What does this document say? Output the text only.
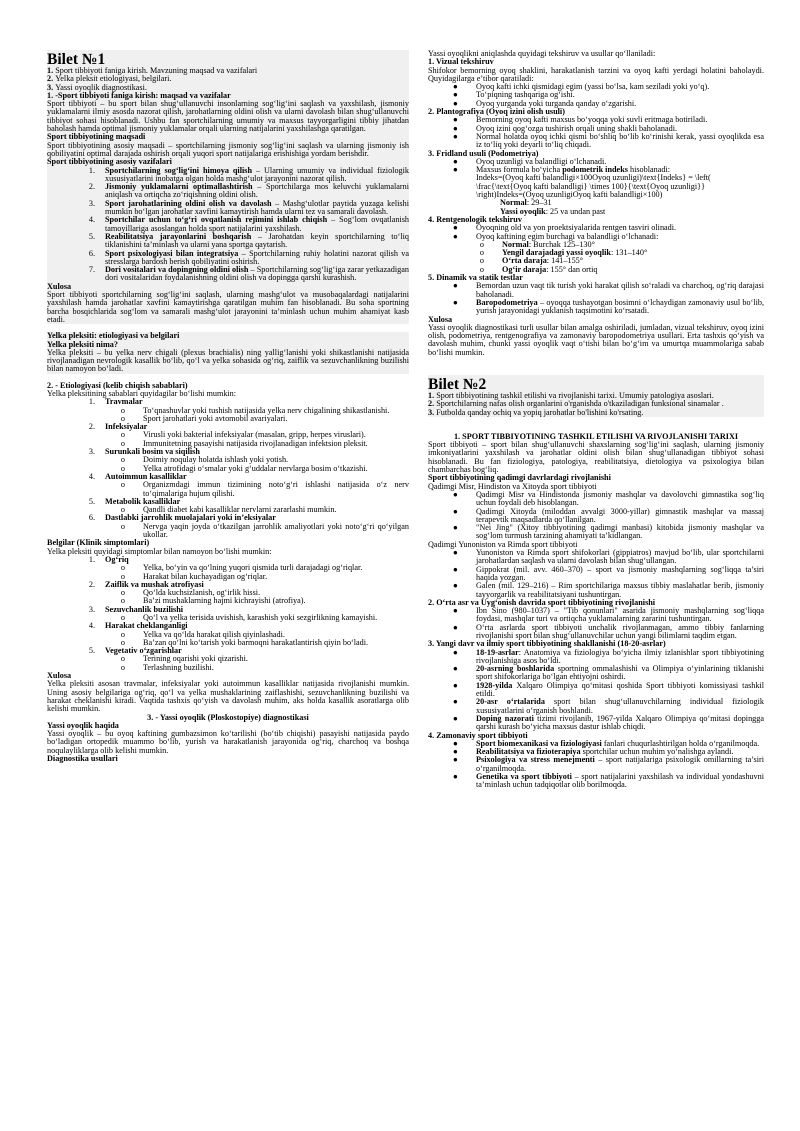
Bilet №1

1. Sport tibbiyoti faniga kirish. Mavzuning maqsad va vazifalari

2. Yelka pleksit etiologiyasi, belgilari.

3. Yassi oyoqlik diagnostikasi.

1. -Sport tibbiyoti faniga kirish: maqsad va vazifalar

Sport tibbiyoti – bu sport bilan shug‘ullanuvchi insonlarning sog‘lig‘ini saqlash va yaxshilash, jismoniy yuklamalarni ilmiy asosda nazorat qilish, jarohatlarning oldini olish va ularni davolash bilan shug‘ullanuvchi tibbiyot sohasi hisoblanadi. Ushbu fan sportchilarning umumiy va maxsus tayyorgarligini tibbiy jihatdan baholash hamda optimal jismoniy yuklamalar orqali ularning natijalarini yaxshilashga qaratilgan.

Sport tibbiyotining maqsadi

Sport tibbiyotining asosiy maqsadi – sportchilarning jismoniy sog‘lig‘ini saqlash va ularning jismoniy ish qobiliyatini optimal darajada oshirish orqali yuqori sport natijalariga erishishiga yordam berishdir.

Sport tibbiyotining asosiy vazifalari

1.	Sportchilarning sog‘lig‘ini himoya qilish – Ularning umumiy va individual fiziologik xususiyatlarini inobatga olgan holda mashg‘ulot jarayonini nazorat qilish.
2.	Jismoniy yuklamalarni optimallashtirish – Sportchilarga mos keluvchi yuklamalarni aniqlash va ortiqcha zo‘riqishning oldini olish.
3.	Sport jarohatlarining oldini olish va davolash – Mashg‘ulotlar paytida yuzaga kelishi mumkin bo‘lgan jarohatlar xavfini kamaytirish hamda ularni tez va samarali davolash.
4.	Sportchilar uchun to‘g‘ri ovqatlanish rejimini ishlab chiqish – Sog‘lom ovqatlanish tamoyillariga asoslangan holda sport natijalarini yaxshilash.
5.	Reabilitatsiya jarayonlarini boshqarish – Jarohatdan keyin sportchilarning to‘liq tiklanishini ta’minlash va ularni yana sportga qaytarish.
6.	Sport psixologiyasi bilan integratsiya – Sportchilarning ruhiy holatini nazorat qilish va stresslarga bardosh berish qobiliyatini oshirish.
7.	Dori vositalari va dopingning oldini olish – Sportchilarning sog‘lig‘iga zarar yetkazadigan dori vositalaridan foydalanishning oldini olish va dopingga qarshi kurashish.

Xulosa

Sport tibbiyoti sportchilarning sog‘lig‘ini saqlash, ularning mashg‘ulot va musobaqalardagi natijalarini yaxshilash hamda jarohatlar xavfini kamaytirishga qaratilgan muhim fan hisoblanadi. Bu soha sportning barcha bosqichlarida sog‘lom va samarali mashg‘ulot jarayonini ta’minlash uchun muhim ahamiyat kasb etadi.

Yelka pleksiti: etiologiyasi va belgilari

Yelka pleksiti nima?

Yelka pleksiti – bu yelka nerv chigali (plexus brachialis) ning yallig‘lanishi yoki shikastlanishi natijasida rivojlanadigan nevrologik kasallik bo‘lib, qo‘l va yelka sohasida og‘riq, zaiflik va sezuvchanlikning buzilishi bilan namoyon bo‘ladi.

2. - Etiologiyasi (kelib chiqish sabablari)

Yelka pleksitining sabablari quyidagilar bo‘lishi mumkin:

1.	Travmalar
o	To‘qnashuvlar yoki tushish natijasida yelka nerv chigalining shikastlanishi.
o	Sport jarohatlari yoki avtomobil avariyalari.
2.	Infeksiyalar
o	Virusli yoki bakterial infeksiyalar (masalan, gripp, herpes viruslari).
o	Immunitetning pasayishi natijasida rivojlanadigan infektsion pleksit.
3.	Surunkali bosim va siqilish
o	Doimiy noqulay holatda ishlash yoki yotish.
o	Yelka atrofidagi o‘smalar yoki g‘uddalar nervlarga bosim o‘tkazishi.
4.	Autoimmun kasalliklar
o	Organizmdagi immun tizimining noto‘g‘ri ishlashi natijasida o‘z nerv to‘qimalariga hujum qilishi.
5.	Metabolik kasalliklar
o	Qandli diabet kabi kasalliklar nervlarni zararlashi mumkin.
6.	Dastlabki jarrohlik muolajalari yoki in’eksiyalar
o	Nervga yaqin joyda o‘tkazilgan jarrohlik amaliyotlari yoki noto‘g‘ri qo‘yilgan ukollar.

Belgilar (Klinik simptomlari)

Yelka pleksiti quyidagi simptomlar bilan namoyon bo‘lishi mumkin:

1.	Og‘riq
o	Yelka, bo‘yin va qo‘lning yuqori qismida turli darajadagi og‘riqlar.
o	Harakat bilan kuchayadigan og‘riqlar.
2.	Zaiflik va mushak atrofiyasi
o	Qo‘lda kuchsizlanish, og‘irlik hissi.
o	Ba’zi mushaklarning hajmi kichrayishi (atrofiya).
3.	Sezuvchanlik buzilishi
o	Qo‘l va yelka terisida uvishish, karashish yoki sezgirlikning kamayishi.
4.	Harakat cheklanganligi
o	Yelka va qo‘lda harakat qilish qiyinlashadi.
o	Ba’zan qo‘lni ko‘tarish yoki barmoqni harakatlantirish qiyin bo‘ladi.
5.	Vegetativ o‘zgarishlar
o	Terining oqarishi yoki qizarishi.
o	Terlashning buzilishi.

Xulosa

Yelka pleksiti asosan travmalar, infeksiyalar yoki autoimmun kasalliklar natijasida rivojlanishi mumkin. Uning asosiy belgilariga og‘riq, qo‘l va yelka mushaklarining zaiflashishi, sezuvchanlikning buzilishi va harakat cheklanishi kiradi. Vaqtida tashxis qo‘yish va davolash muhim, aks holda kasallik asoratlarga olib kelishi mumkin.

3. - Yassi oyoqlik (Ploskostopiye) diagnostikasi

Yassi oyoqlik haqida

Yassi oyoqlik – bu oyoq kaftining gumbazsimon ko‘tarilishi (bo‘tib chiqishi) pasayishi natijasida paydo bo‘ladigan ortopedik muammo bo‘lib, yurish va harakatlanish jarayonida og‘riq, charchoq va boshqa noqulayliklarga olib kelishi mumkin.

Diagnostika usullari

Yassi oyoqlikni aniqlashda quyidagi tekshiruv va usullar qo‘llaniladi:

1. Vizual tekshiruv

Shifokor bemorning oyoq shaklini, harakatlanish tarzini va oyoq kafti yerdagi holatini baholaydi. Quyidagilarga e’tibor qaratiladi:

●	Oyoq kafti ichki qismidagi egim (yassi bo‘lsa, kam seziladi yoki yo‘q).
●	To‘piqning tashqariga og‘ishi.
●	Oyoq yurganda yoki turganda qanday o‘zgarishi.

2. Plantografiya (Oyoq izini olish usuli)

●	Bemorning oyoq kafti maxsus bo‘yoqqa yoki suvli eritmaga botiriladi.
●	Oyoq izini qog‘ozga tushirish orqali uning shakli baholanadi.
●	Normal holatda oyoq ichki qismi bo‘shliq bo‘lib ko‘rinishi kerak, yassi oyoqlikda esa iz to‘liq yoki deyarli to‘liq chiqadi.

3. Fridland usuli (Podometriya)

●	Oyoq uzunligi va balandligi o‘lchanadi.
●	Maxsus formula bo‘yicha podometrik indeks hisoblanadi:

Indeks=(Oyoq kafti balandligi×100Oyoq uzunligi)\text{Indeks} = \left( \frac{\text{Oyoq kafti balandligi} \times 100}{\text{Oyoq uzunligi}}
\right)Indeks=(Oyoq uzunligiOyoq kafti balandligi×100)
Normal: 29–31
Yassi oyoqlik: 25 va undan past

4. Rentgenologik tekshiruv

●	Oyoqning old va yon proektsiyalarida rentgen tasviri olinadi.
●	Oyoq kaftining egim burchagi va balandligi o‘lchanadi:
o	Normal: Burchak 125–130°
o	Yengil darajadagi yassi oyoqlik: 131–140°
o	O‘rta daraja: 141–155°
o	Og‘ir daraja: 155° dan ortiq

5. Dinamik va statik testlar

●	Bemordan uzun vaqt tik turish yoki harakat qilish so‘raladi va charchoq, og‘riq darajasi baholanadi.
●	Baropodometriya – oyoqqa tushayotgan bosimni o‘lchaydigan zamonaviy usul bo‘lib, yurish jarayonidagi yuklanish taqsimotini ko‘rsatadi.

Xulosa

Yassi oyoqlik diagnostikasi turli usullar bilan amalga oshiriladi, jumladan, vizual tekshiruv, oyoq izini olish, podometriya, rentgenografiya va zamonaviy baropodometriya usullari. Erta tashxis qo‘yish va davolash muhim, chunki yassi oyoqlik vaqt o‘tishi bilan bo‘g‘im va umurtqa muammolariga sabab bo‘lishi mumkin.

Bilet №2

1. Sport tibbiyotining tashkil etilishi va rivojlanishi tarixi. Umumiy patologiya asoslari.

2. Sportchilarning nafas olish organlarini o'rganishda o'tkaziladigan funksional sinamalar .

3. Futbolda qanday ochiq va yopiq jarohatlar bo'lishini ko'rsating.

1. SPORT TIBBIYOTINING TASHKIL ETILISHI VA RIVOJLANISHI TARIXI

Sport tibbiyoti – sport bilan shug‘ullanuvchi shaxslarning sog‘lig‘ini saqlash, ularning jismoniy imkoniyatlarini yaxshilash va jarohatlar oldini olish bilan shug‘ullanadigan tibbiyot sohasi hisoblanadi. Bu fan fiziologiya, patologiya, reabilitatsiya, dietologiya va psixologiya bilan chambarchas bog‘liq.

Sport tibbiyotining qadimgi davrlardagi rivojlanishi

Qadimgi Misr, Hindiston va Xitoyda sport tibbiyoti

●	Qadimgi Misr va Hindistonda jismoniy mashqlar va davolovchi gimnastika sog‘liq uchun foydali deb hisoblangan.
●	Qadimgi Xitoyda (miloddan avvalgi 3000-yillar) gimnastik mashqlar va massaj terapevtik maqsadlarda qo‘llanilgan.
●	"Nei Jing" (Xitoy tibbiyotining qadimgi manbasi) kitobida jismoniy mashqlar va sog‘lom turmush tarzining ahamiyati ta’kidlangan.

Qadimgi Yunoniston va Rimda sport tibbiyoti

●	Yunoniston va Rimda sport shifokorlari (gippiatros) mavjud bo‘lib, ular sportchilarni jarohatlardan saqlash va ularni davolash bilan shug‘ullangan.
●	Gippokrat (mil. avv. 460–370) – sport va jismoniy mashqlarning sog‘liqqa ta’siri haqida yozgan.
●	Galen (mil. 129–216) – Rim sportchilariga maxsus tibbiy maslahatlar berib, jismoniy tayyorgarlik va reabilitatsiyani tushuntirgan.

2. O‘rta asr va Uyg‘onish davrida sport tibbiyotining rivojlanishi

●	Ibn Sino (980–1037) – "Tib qonunlari" asarida jismoniy mashqlarning sog‘liqqa foydasi, mashqlar turi va ortiqcha yuklamalarning zararini tushuntirgan.
●	O‘rta asrlarda sport tibbiyoti unchalik rivojlanmagan, ammo tibbiy fanlarning rivojlanishi sport bilan shug‘ullanuvchilar uchun yangi bilimlarni taqdim etgan.

3. Yangi davr va ilmiy sport tibbiyotining shakllanishi (18-20-asrlar)

●	18-19-asrlar: Anatomiya va fiziologiya bo‘yicha ilmiy izlanishlar sport tibbiyotining rivojlanishiga asos bo‘ldi.
●	20-asrning boshlarida sportning ommalashishi va Olimpiya o‘yinlarining tiklanishi sport shifokorlariga bo‘lgan ehtiyojni oshirdi.
●	1928-yilda Xalqaro Olimpiya qo‘mitasi qoshida Sport tibbiyoti komissiyasi tashkil etildi.
●	20-asr o‘rtalarida sport bilan shug‘ullanuvchilarning individual fiziologik xususiyatlarini o‘rganish boshlandi.
●	Doping nazorati tizimi rivojlanib, 1967-yilda Xalqaro Olimpiya qo‘mitasi dopingga qarshi kurash bo‘yicha maxsus dastur ishlab chiqdi.

4. Zamonaviy sport tibbiyoti

●	Sport biomexanikasi va fiziologiyasi fanlari chuqurlashtirilgan holda o‘rganilmoqda.
●	Reabilitatsiya va fizioterapiya sportchilar uchun muhim yo‘nalishga aylandi.
●	Psixologiya va stress menejmenti – sport natijalariga psixologik omillarning ta’siri o‘rganilmoqda.
●	Genetika va sport tibbiyoti – sport natijalarini yaxshilash va individual yondashuvni ta’minlash uchun tadqiqotlar olib borilmoqda.
